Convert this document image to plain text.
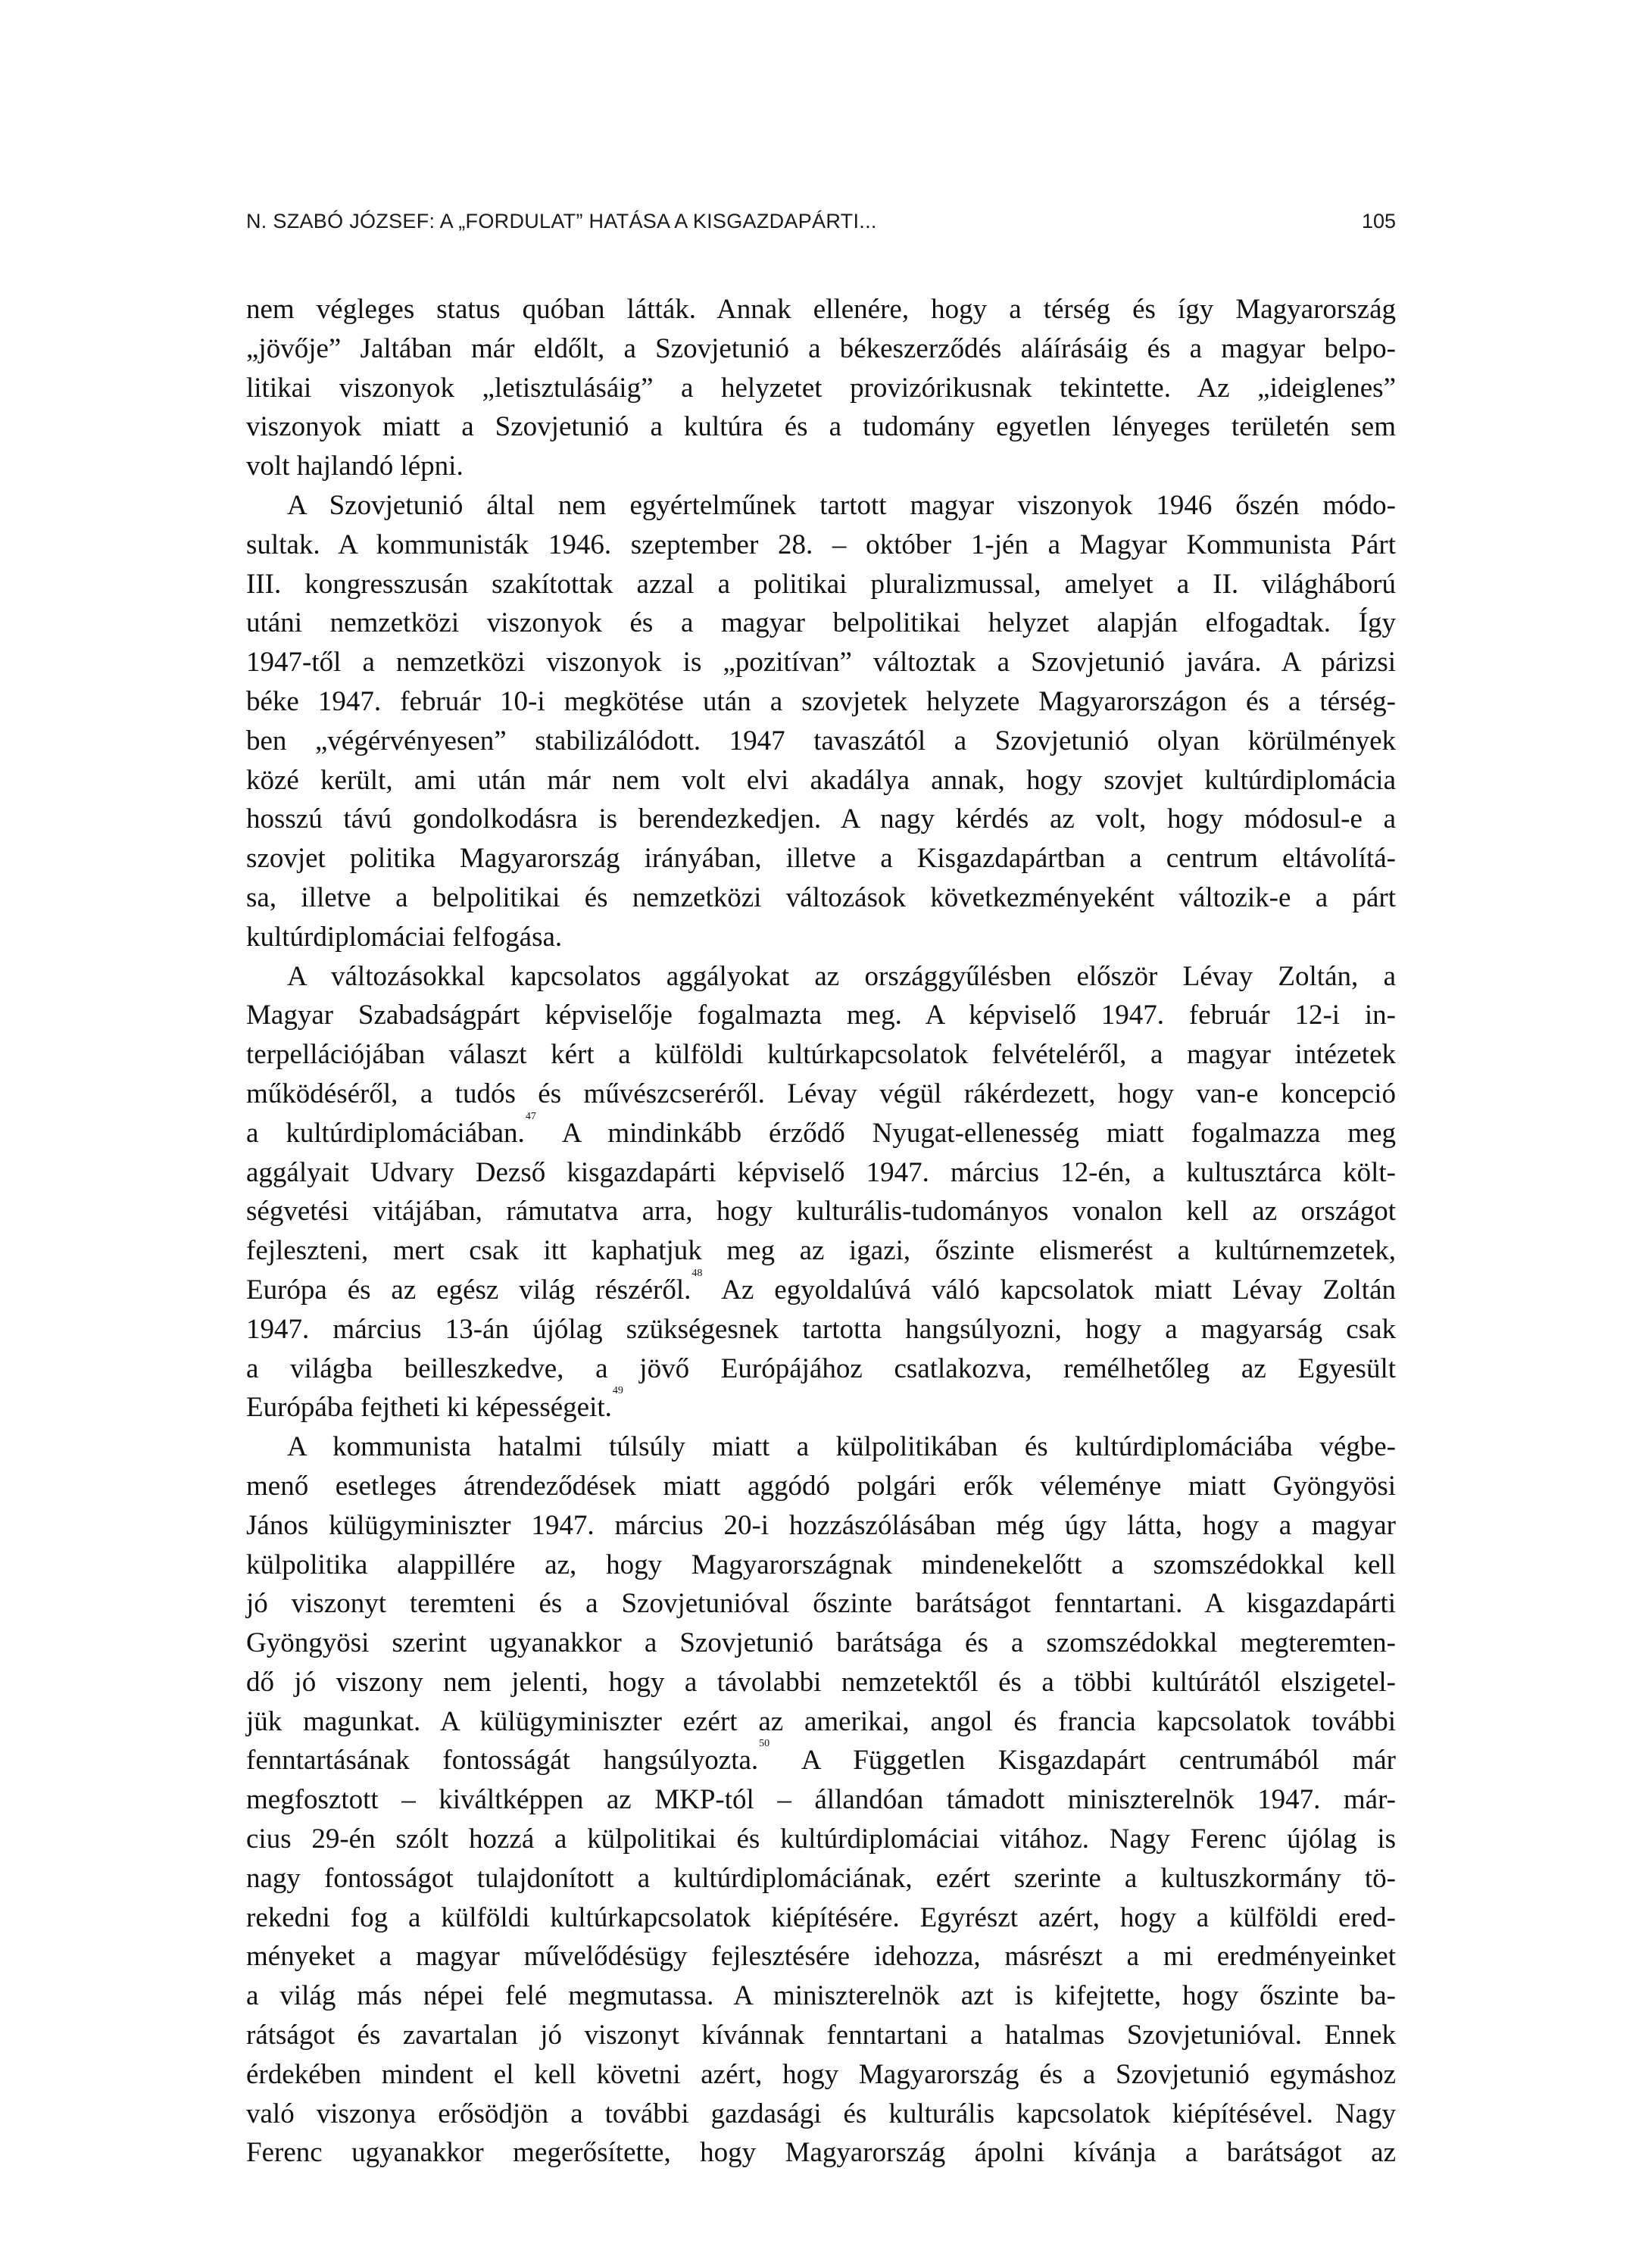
N. SZABÓ JÓZSEF: A „FORDULAT” HATÁSA A KISGAZDAPÁRTI...	105

nem végleges status quóban látták. Annak ellenére, hogy a térség és így Magyarország

„jövője” Jaltában már eldőlt, a Szovjetunió a békeszerződés aláírásáig és a magyar belpo-

litikai viszonyok „letisztulásáig” a helyzetet provizórikusnak tekintette. Az „ideiglenes”

viszonyok miatt a Szovjetunió a kultúra és a tudomány egyetlen lényeges területén sem

volt hajlandó lépni.

A Szovjetunió által nem egyértelműnek tartott magyar viszonyok 1946 őszén módo-

sultak. A kommunisták 1946. szeptember 28. – október 1-jén a Magyar Kommunista Párt

III. kongresszusán szakítottak azzal a politikai pluralizmussal, amelyet a II. világháború

utáni nemzetközi viszonyok és a magyar belpolitikai helyzet alapján elfogadtak. Így

1947-től a nemzetközi viszonyok is „pozitívan” változtak a Szovjetunió javára. A párizsi

béke 1947. február 10-i megkötése után a szovjetek helyzete Magyarországon és a térség-

ben „végérvényesen” stabilizálódott. 1947 tavaszától a Szovjetunió olyan körülmények

közé került, ami után már nem volt elvi akadálya annak, hogy szovjet kultúrdiplomácia

hosszú távú gondolkodásra is berendezkedjen. A nagy kérdés az volt, hogy módosul-e a

szovjet politika Magyarország irányában, illetve a Kisgazdapártban a centrum eltávolítá-

sa, illetve a belpolitikai és nemzetközi változások következményeként változik-e a párt

kultúrdiplomáciai felfogása.

A változásokkal kapcsolatos aggályokat az országgyűlésben először Lévay Zoltán, a

Magyar Szabadságpárt képviselője fogalmazta meg. A képviselő 1947. február 12-i in-

terpellációjában választ kért a külföldi kultúrkapcsolatok felvételéről, a magyar intézetek

működéséről, a tudós és művészcseréről. Lévay végül rákérdezett, hogy van-e koncepció

a kultúrdiplomáciában.$^{47}$ A mindinkább érződő Nyugat-ellenesség miatt fogalmazza meg

aggályait Udvary Dezső kisgazdapárti képviselő 1947. március 12-én, a kultusztárca költ-

ségvetési vitájában, rámutatva arra, hogy kulturális-tudományos vonalon kell az országot

fejleszteni, mert csak itt kaphatjuk meg az igazi, őszinte elismerést a kultúrnemzetek,

Európa és az egész világ részéről.$^{48}$ Az egyoldalúvá váló kapcsolatok miatt Lévay Zoltán

1947. március 13-án újólag szükségesnek tartotta hangsúlyozni, hogy a magyarság csak

a világba beilleszkedve, a jövő Európájához csatlakozva, remélhetőleg az Egyesült

Európába fejtheti ki képességeit.$^{49}$

A kommunista hatalmi túlsúly miatt a külpolitikában és kultúrdiplomáciába végbe-

menő esetleges átrendeződések miatt aggódó polgári erők véleménye miatt Gyöngyösi

János külügyminiszter 1947. március 20-i hozzászólásában még úgy látta, hogy a magyar

külpolitika alappillére az, hogy Magyarországnak mindenekelőtt a szomszédokkal kell

jó viszonyt teremteni és a Szovjetunióval őszinte barátságot fenntartani. A kisgazdapárti

Gyöngyösi szerint ugyanakkor a Szovjetunió barátsága és a szomszédokkal megteremten-

dő jó viszony nem jelenti, hogy a távolabbi nemzetektől és a többi kultúrától elszigetel-

jük magunkat. A külügyminiszter ezért az amerikai, angol és francia kapcsolatok további

fenntartásának fontosságát hangsúlyozta.$^{50}$ A Független Kisgazdapárt centrumából már

megfosztott – kiváltképpen az MKP-tól – állandóan támadott miniszterelnök 1947. már-

cius 29-én szólt hozzá a külpolitikai és kultúrdiplomáciai vitához. Nagy Ferenc újólag is

nagy fontosságot tulajdonított a kultúrdiplomáciának, ezért szerinte a kultuszkormány tö-

rekedni fog a külföldi kultúrkapcsolatok kiépítésére. Egyrészt azért, hogy a külföldi ered-

ményeket a magyar művelődésügy fejlesztésére idehozza, másrészt a mi eredményeinket

a világ más népei felé megmutassa. A miniszterelnök azt is kifejtette, hogy őszinte ba-

rátságot és zavartalan jó viszonyt kívánnak fenntartani a hatalmas Szovjetunióval. Ennek

érdekében mindent el kell követni azért, hogy Magyarország és a Szovjetunió egymáshoz

való viszonya erősödjön a további gazdasági és kulturális kapcsolatok kiépítésével. Nagy

Ferenc ugyanakkor megerősítette, hogy Magyarország ápolni kívánja a barátságot az
